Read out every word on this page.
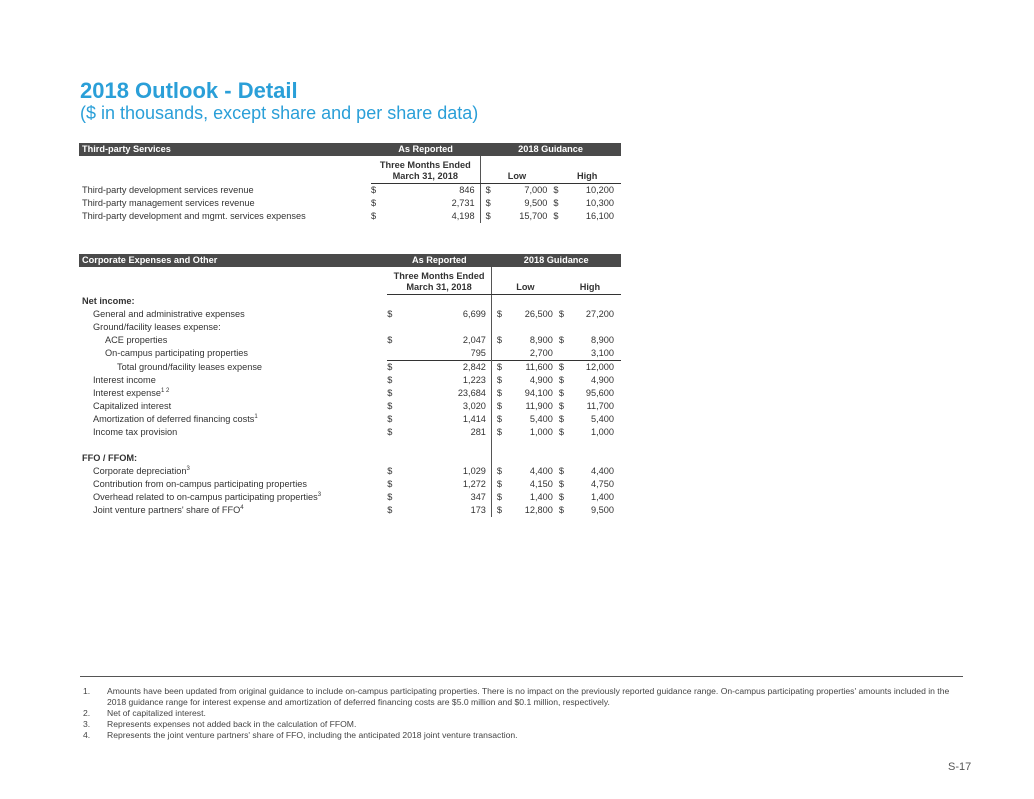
2018 Outlook - Detail
($ in thousands, except share and per share data)
Third-party Services	As Reported		2018 Guidance			

	Three Months Ended
March 31, 2018		Low		High	
Third-party development services revenue	$	846	$	7,000	$	10,200
Third-party management services revenue	$	2,731	$	9,500	$	10,300
Third-party development and mgmt. services expenses	$	4,198	$	15,700	$	16,100
Corporate Expenses and Other	As Reported		2018 Guidance			

	Three Months Ended
March 31, 2018		Low		High	
Net income:						
General and administrative expenses	$	6,699	$	26,500	$	27,200
Ground/facility leases expense:						
ACE properties	$	2,047	$	8,900	$	8,900
On-campus participating properties		795		2,700		3,100
Total ground/facility leases expense	$	2,842	$	11,600	$	12,000
Interest income	$	1,223	$	4,900	$	4,900
Interest expense$^{1 2}$	$	23,684	$	94,100	$	95,600
Capitalized interest	$	3,020	$	11,900	$	11,700
Amortization of deferred financing costs$^1$	$	1,414	$	5,400	$	5,400
Income tax provision	$	281	$	1,000	$	1,000

FFO / FFOM:						
Corporate depreciation$^3$	$	1,029	$	4,400	$	4,400
Contribution from on-campus participating properties	$	1,272	$	4,150	$	4,750
Overhead related to on-campus participating properties$^3$	$	347	$	1,400	$	1,400
Joint venture partners' share of FFO$^4$	$	173	$	12,800	$	9,500
1.	Amounts have been updated from original guidance to include on-campus participating properties. There is no impact on the previously reported guidance range. On-campus participating properties' amounts included in the 2018 guidance range for interest expense and amortization of deferred financing costs are $5.0 million and $0.1 million, respectively.
2.	Net of capitalized interest.
3.	Represents expenses not added back in the calculation of FFOM.
4.	Represents the joint venture partners' share of FFO, including the anticipated 2018 joint venture transaction.
S-17
